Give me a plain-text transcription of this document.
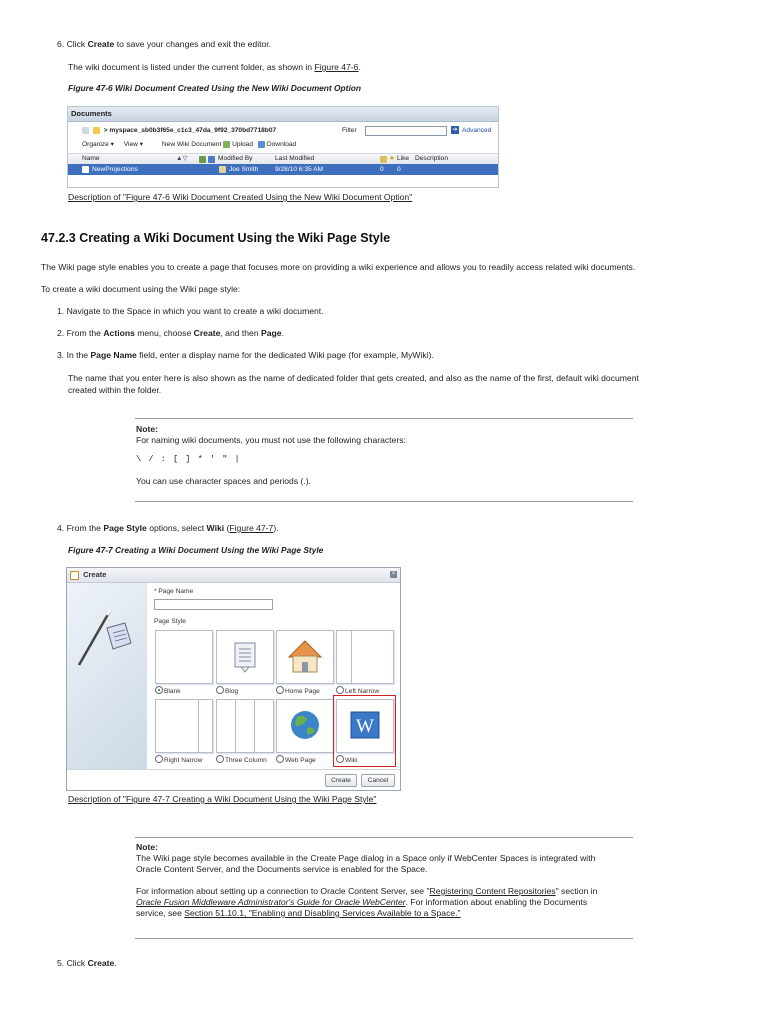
6. Click Create to save your changes and exit the editor.
The wiki document is listed under the current folder, as shown in Figure 47-6.
Figure 47-6 Wiki Document Created Using the New Wiki Document Option
Documents
> myspace_sb0b3f65e_c1c3_47da_9f92_370bd7718b07	Filter	➔ Advanced
Organize ▾ View ▾	New Wiki Document Upload Download
Name	▲▽	Modified By	Last Modified	★ Like Description
NewProjections	Joe Smith	9/28/10 6:35 AM	0 0
Description of "Figure 47-6 Wiki Document Created Using the New Wiki Document Option"
47.2.3 Creating a Wiki Document Using the Wiki Page Style
The Wiki page style enables you to create a page that focuses more on providing a wiki experience and allows you to readily access related wiki documents.
To create a wiki document using the Wiki page style:
1. Navigate to the Space in which you want to create a wiki document.
2. From the Actions menu, choose Create, and then Page.
3. In the Page Name field, enter a display name for the dedicated Wiki page (for example, MyWiki).
The name that you enter here is also shown as the name of dedicated folder that gets created, and also as the name of the first, default wiki document
created within the folder.
Note:
For naming wiki documents, you must not use the following characters:
\ / : [ ] * ' " |
You can use character spaces and periods (.).
4. From the Page Style options, select Wiki (Figure 47-7).
Figure 47-7 Creating a Wiki Document Using the Wiki Page Style
Create	×
* Page Name
Page Style
Blank	Blog	Home Page	Left Narrow
W
Right Narrow	Three Column	Web Page	Wiki
Create	Cancel
Description of "Figure 47-7 Creating a Wiki Document Using the Wiki Page Style"
Note:
The Wiki page style becomes available in the Create Page dialog in a Space only if WebCenter Spaces is integrated with
Oracle Content Server, and the Documents service is enabled for the Space.
For information about setting up a connection to Oracle Content Server, see "Registering Content Repositories" section in
Oracle Fusion Middleware Administrator's Guide for Oracle WebCenter. For information about enabling the Documents
service, see Section 51.10.1, "Enabling and Disabling Services Available to a Space."
5. Click Create.
